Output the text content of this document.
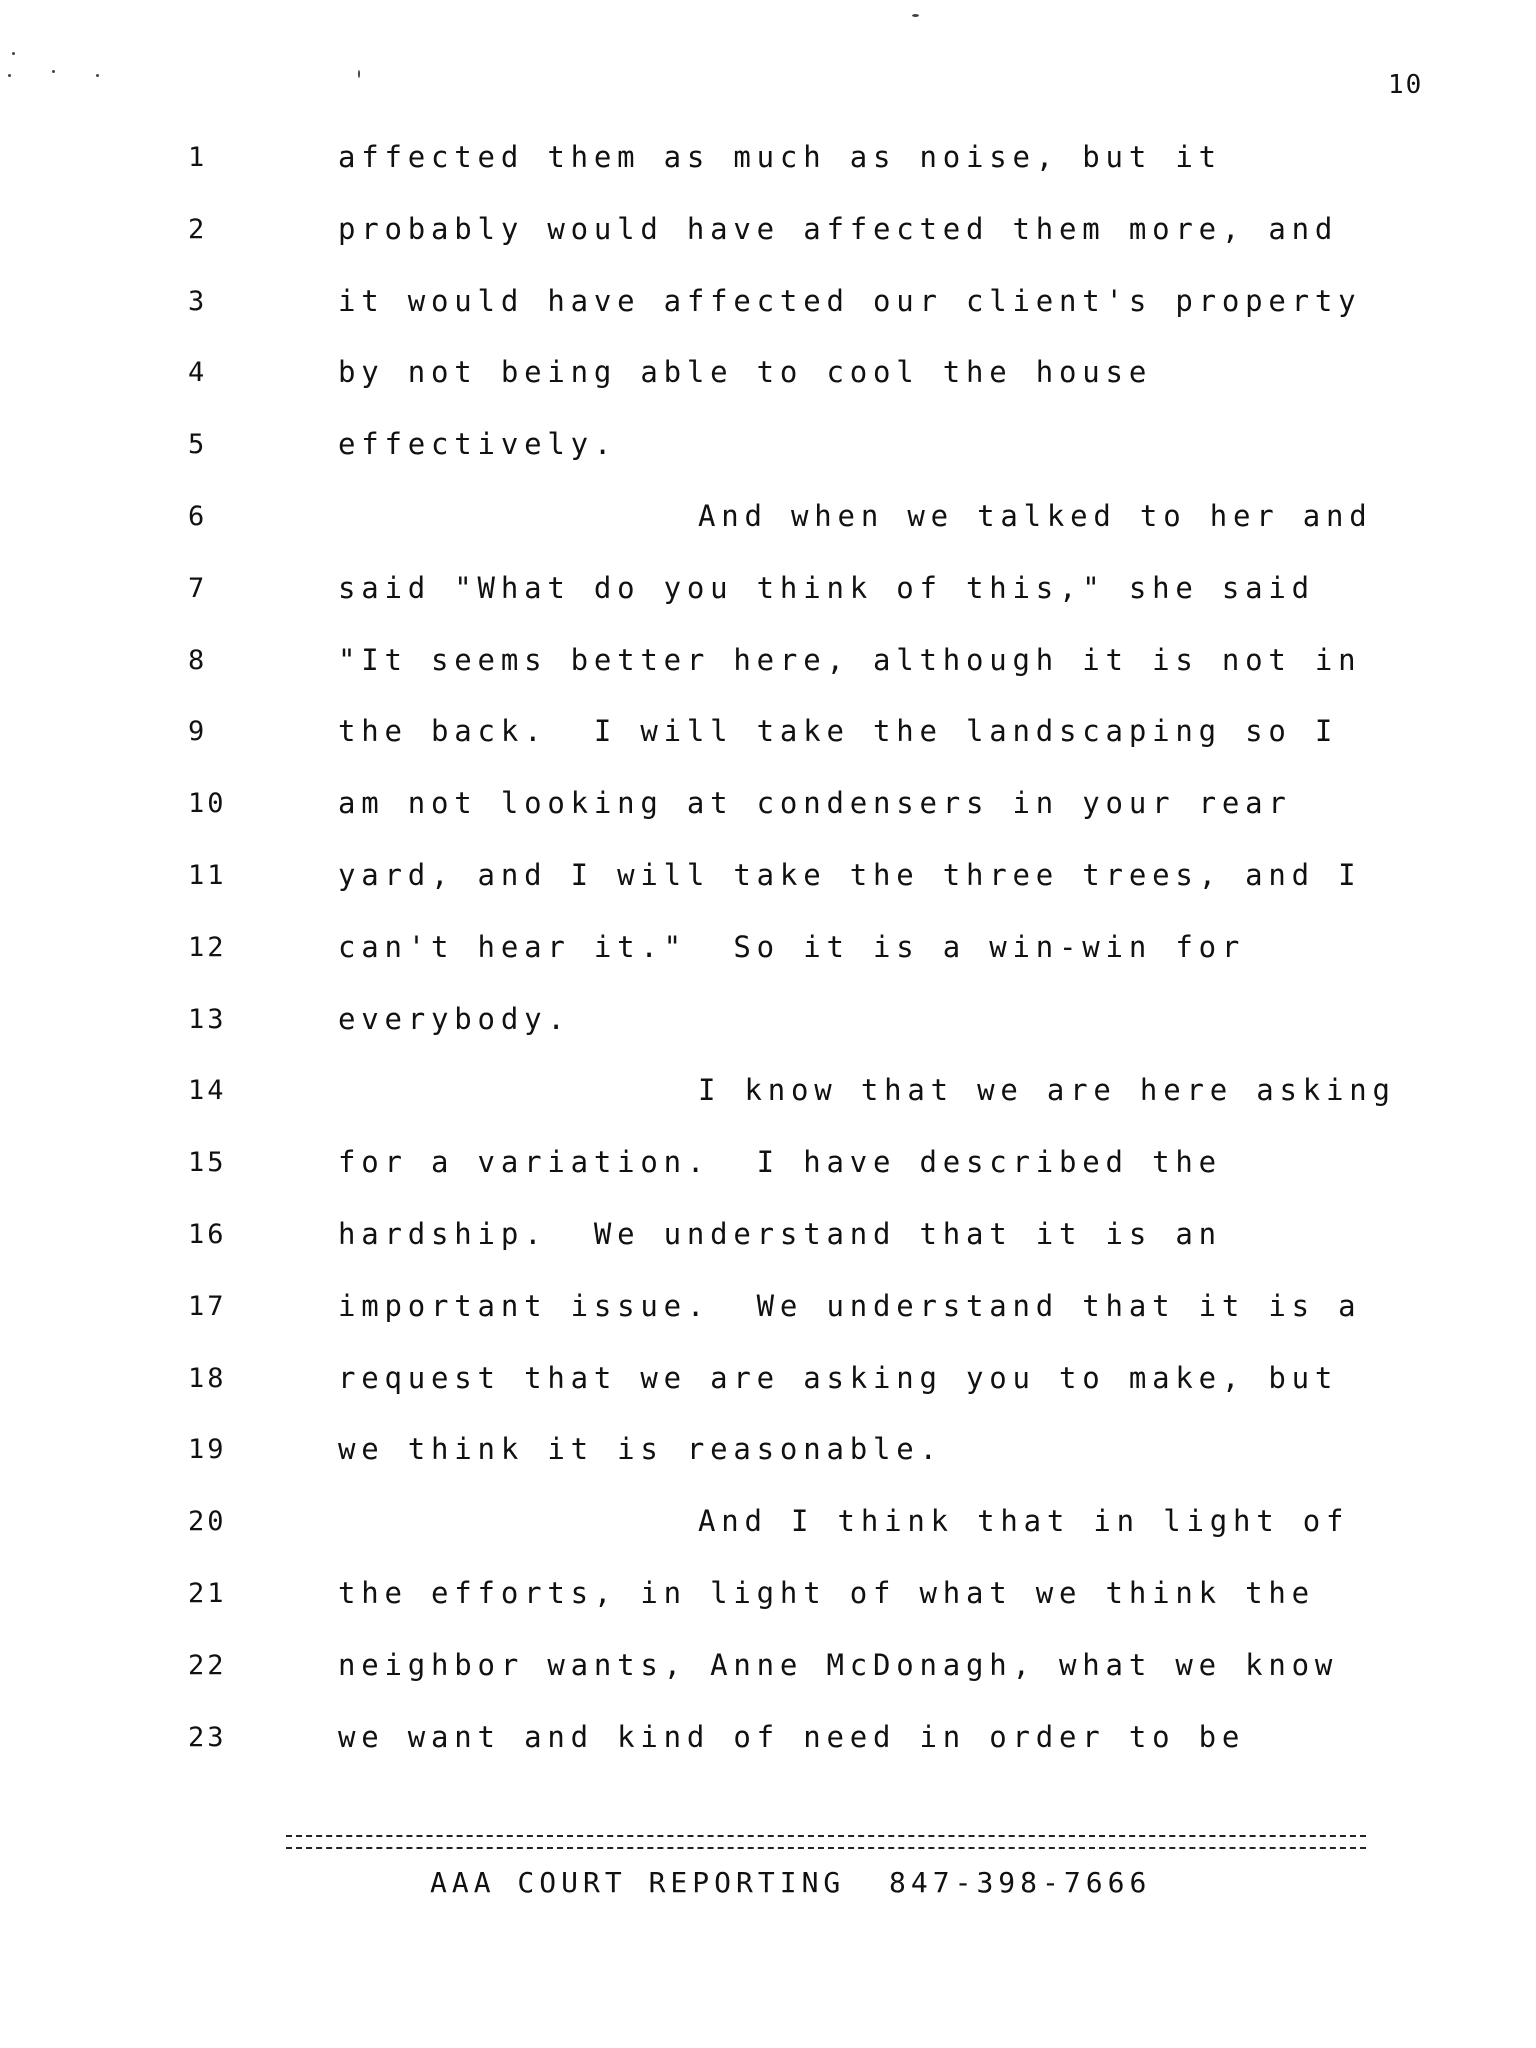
10
1	affected them as much as noise, but it
2	probably would have affected them more, and
3	it would have affected our client's property
4	by not being able to cool the house
5	effectively.
6	And when we talked to her and
7	said "What do you think of this," she said
8	"It seems better here, although it is not in
9	the back.  I will take the landscaping so I
10	am not looking at condensers in your rear
11	yard, and I will take the three trees, and I
12	can't hear it."  So it is a win-win for
13	everybody.
14	I know that we are here asking
15	for a variation.  I have described the
16	hardship.  We understand that it is an
17	important issue.  We understand that it is a
18	request that we are asking you to make, but
19	we think it is reasonable.
20	And I think that in light of
21	the efforts, in light of what we think the
22	neighbor wants, Anne McDonagh, what we know
23	we want and kind of need in order to be
AAA COURT REPORTING 847-398-7666
